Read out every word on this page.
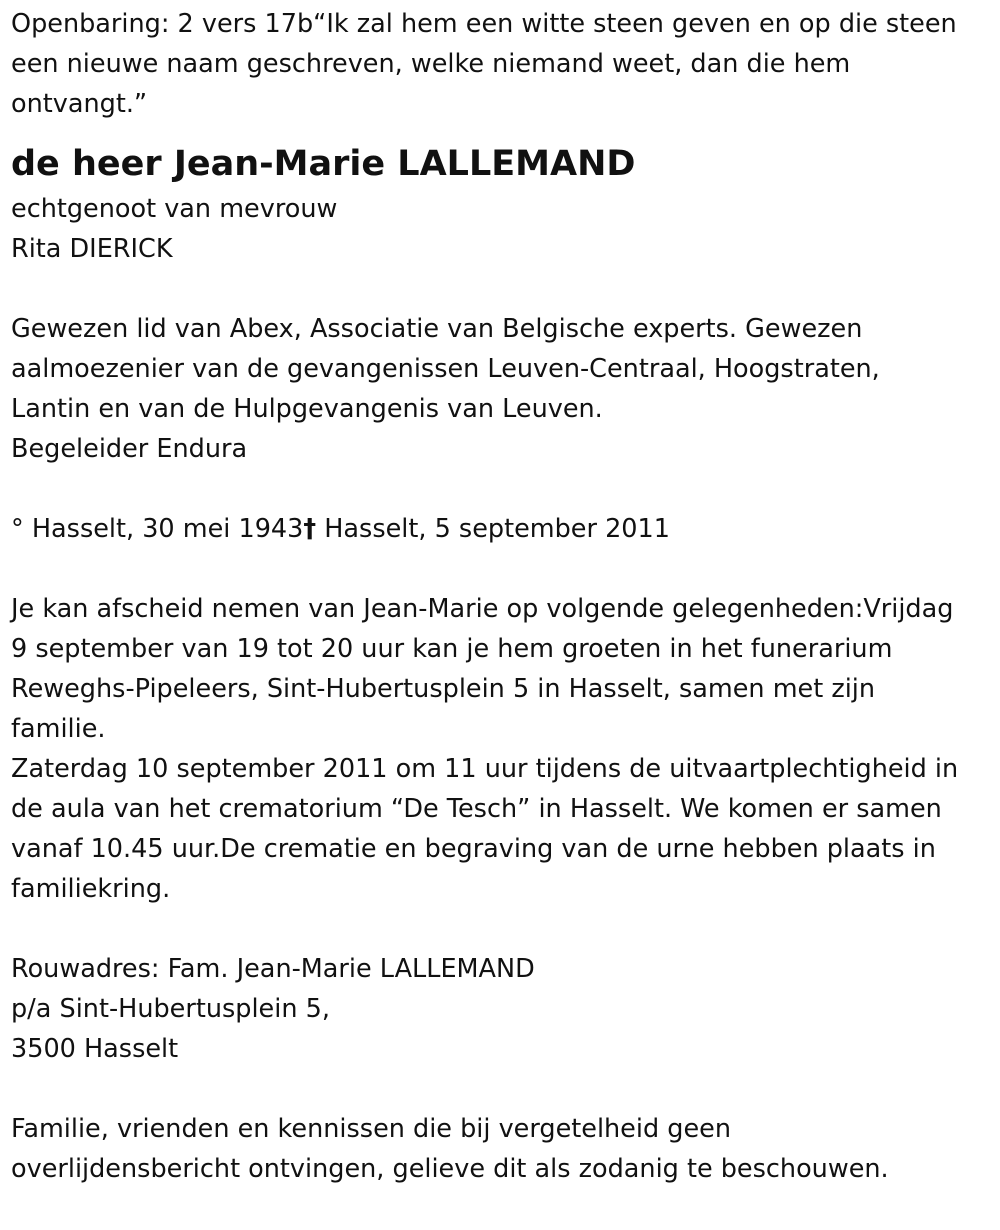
Openbaring: 2 vers 17b“Ik zal hem een witte steen geven en op die steen
een nieuwe naam geschreven, welke niemand weet, dan die hem
ontvangt.”

de heer Jean-Marie LALLEMAND

echtgenoot van mevrouw
Rita DIERICK

Gewezen lid van Abex, Associatie van Belgische experts. Gewezen
aalmoezenier van de gevangenissen Leuven-Centraal, Hoogstraten,
Lantin en van de Hulpgevangenis van Leuven.
Begeleider Endura

° Hasselt, 30 mei 1943† Hasselt, 5 september 2011

Je kan afscheid nemen van Jean-Marie op volgende gelegenheden:Vrijdag
9 september van 19 tot 20 uur kan je hem groeten in het funerarium
Reweghs-Pipeleers, Sint-Hubertusplein 5 in Hasselt, samen met zijn
familie.
Zaterdag 10 september 2011 om 11 uur tijdens de uitvaartplechtigheid in
de aula van het crematorium “De Tesch” in Hasselt. We komen er samen
vanaf 10.45 uur.De crematie en begraving van de urne hebben plaats in
familiekring.

Rouwadres: Fam. Jean-Marie LALLEMAND
p/a Sint-Hubertusplein 5,
3500 Hasselt

Familie, vrienden en kennissen die bij vergetelheid geen
overlijdensbericht ontvingen, gelieve dit als zodanig te beschouwen.
